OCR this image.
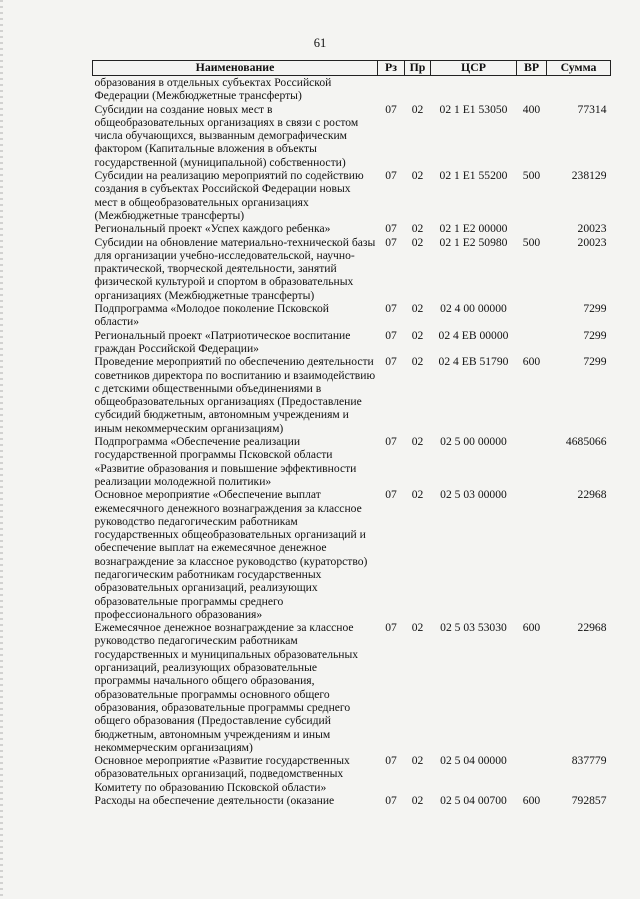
61
Наименование	Рз	Пр	ЦСР	ВР	Сумма
образования в отдельных субъектах Российской Федерации (Межбюджетные трансферты)					
Субсидии на создание новых мест в общеобразовательных организациях в связи с ростом числа обучающихся, вызванным демографическим фактором (Капитальные вложения в объекты государственной (муниципальной) собственности)	07	02	02 1 E1 53050	400	77314
Субсидии на реализацию мероприятий по содействию создания в субъектах Российской Федерации новых мест в общеобразовательных организациях (Межбюджетные трансферты)	07	02	02 1 E1 55200	500	238129
Региональный проект «Успех каждого ребенка»	07	02	02 1 E2 00000		20023
Субсидии на обновление материально-технической базы для организации учебно-исследовательской, научно-практической, творческой деятельности, занятий физической культурой и спортом в образовательных организациях (Межбюджетные трансферты)	07	02	02 1 E2 50980	500	20023
Подпрограмма «Молодое поколение Псковской области»	07	02	02 4 00 00000		7299
Региональный проект «Патриотическое воспитание граждан Российской Федерации»	07	02	02 4 EB 00000		7299
Проведение мероприятий по обеспечению деятельности советников директора по воспитанию и взаимодействию с детскими общественными объединениями в общеобразовательных организациях (Предоставление субсидий бюджетным, автономным учреждениям и иным некоммерческим организациям)	07	02	02 4 EB 51790	600	7299
Подпрограмма «Обеспечение реализации государственной программы Псковской области «Развитие образования и повышение эффективности реализации молодежной политики»	07	02	02 5 00 00000		4685066
Основное мероприятие «Обеспечение выплат ежемесячного денежного вознаграждения за классное руководство педагогическим работникам государственных общеобразовательных организаций и обеспечение выплат на ежемесячное денежное вознаграждение за классное руководство (кураторство) педагогическим работникам государственных образовательных организаций, реализующих образовательные программы среднего профессионального образования»	07	02	02 5 03 00000		22968
Ежемесячное денежное вознаграждение за классное руководство педагогическим работникам государственных и муниципальных образовательных организаций, реализующих образовательные программы начального общего образования, образовательные программы основного общего образования, образовательные программы среднего общего образования (Предоставление субсидий бюджетным, автономным учреждениям и иным некоммерческим организациям)	07	02	02 5 03 53030	600	22968
Основное мероприятие «Развитие государственных образовательных организаций, подведомственных Комитету по образованию Псковской области»	07	02	02 5 04 00000		837779
Расходы на обеспечение деятельности (оказание	07	02	02 5 04 00700	600	792857
